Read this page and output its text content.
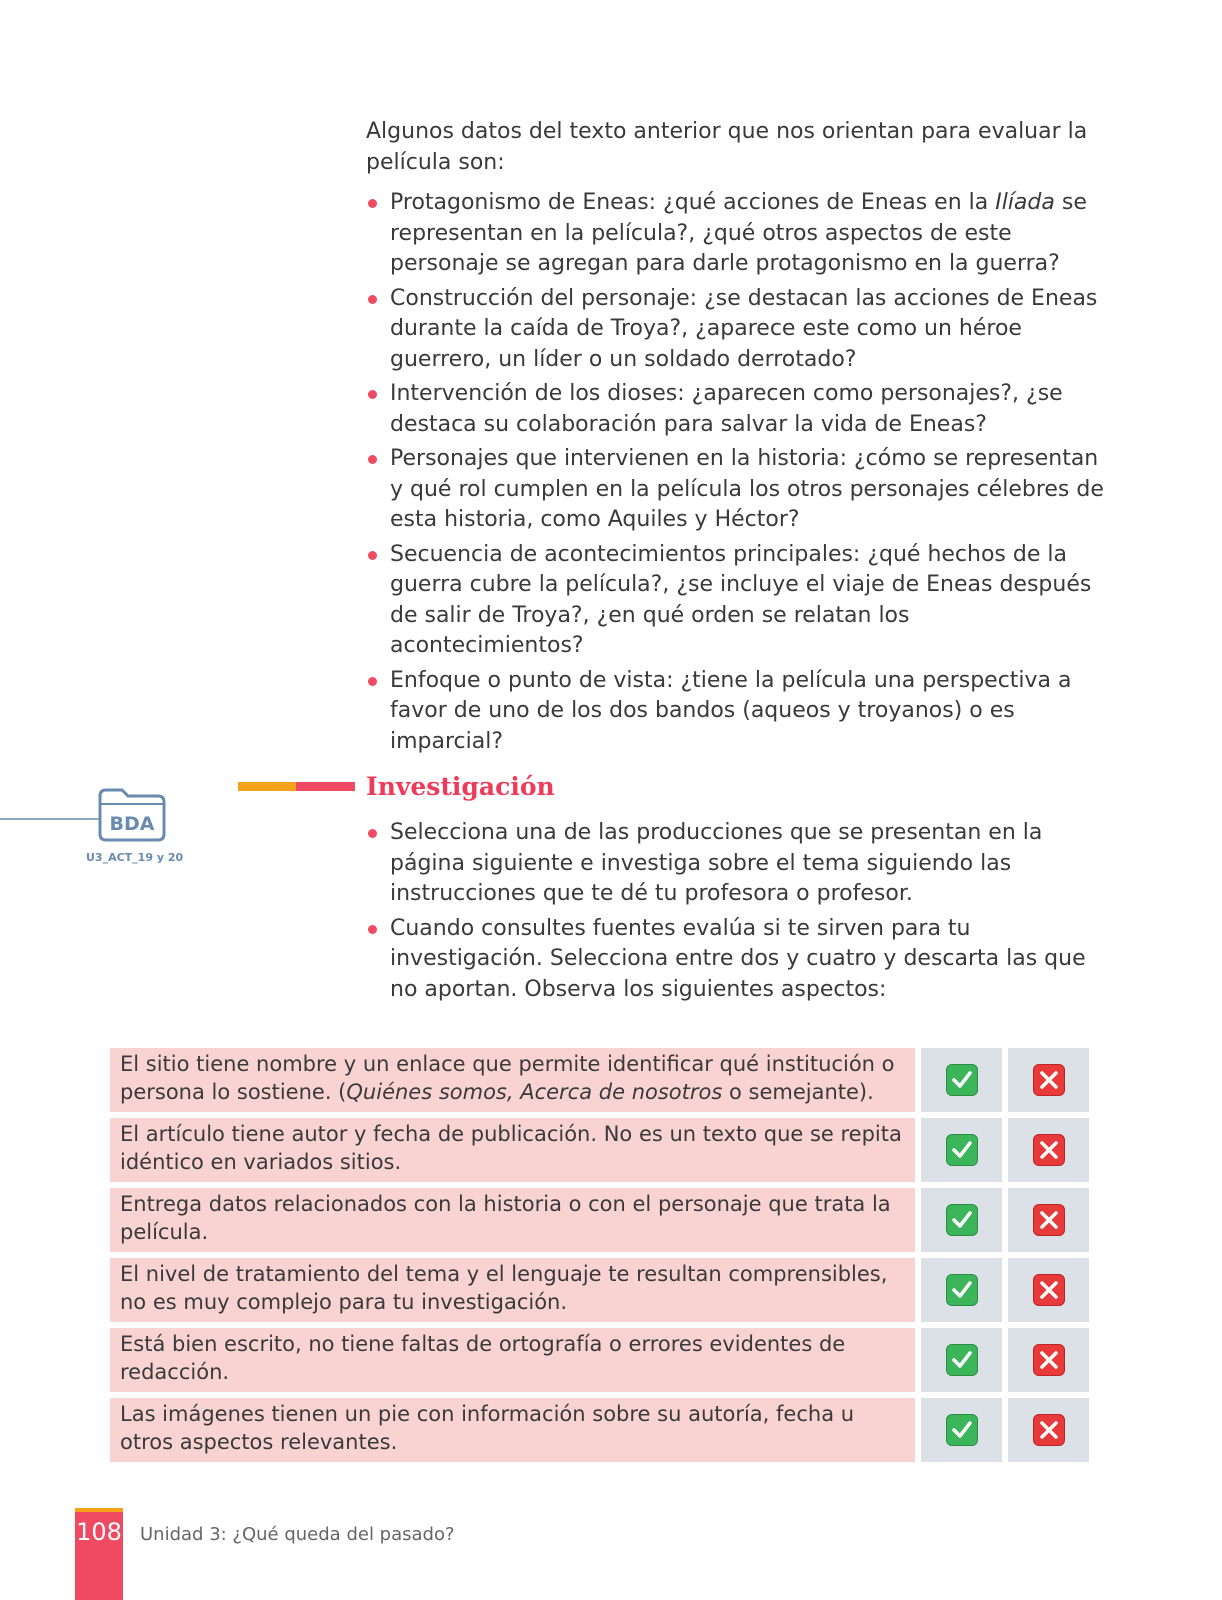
Algunos datos del texto anterior que nos orientan para evaluar la película son:

Protagonismo de Eneas: ¿qué acciones de Eneas en la Ilíada se representan en la película?, ¿qué otros aspectos de este personaje se agregan para darle protagonismo en la guerra?
Construcción del personaje: ¿se destacan las acciones de Eneas durante la caída de Troya?, ¿aparece este como un héroe guerrero, un líder o un soldado derrotado?
Intervención de los dioses: ¿aparecen como personajes?, ¿se destaca su colaboración para salvar la vida de Eneas?
Personajes que intervienen en la historia: ¿cómo se representan y qué rol cumplen en la película los otros personajes célebres de esta historia, como Aquiles y Héctor?
Secuencia de acontecimientos principales: ¿qué hechos de la guerra cubre la película?, ¿se incluye el viaje de Eneas después de salir de Troya?, ¿en qué orden se relatan los acontecimientos?
Enfoque o punto de vista: ¿tiene la película una perspectiva a favor de uno de los dos bandos (aqueos y troyanos) o es imparcial?
Investigación
BDA
U3_ACT_19 y 20
Selecciona una de las producciones que se presentan en la página siguiente e investiga sobre el tema siguiendo las instrucciones que te dé tu profesora o profesor.
Cuando consultes fuentes evalúa si te sirven para tu investigación. Selecciona entre dos y cuatro y descarta las que no aportan. Observa los siguientes aspectos:
El sitio tiene nombre y un enlace que permite identificar qué institución o persona lo sostiene. (Quiénes somos, Acerca de nosotros o semejante).	

El artículo tiene autor y fecha de publicación. No es un texto que se repita idéntico en variados sitios.	

Entrega datos relacionados con la historia o con el personaje que trata la película.	

El nivel de tratamiento del tema y el lenguaje te resultan comprensibles, no es muy complejo para tu investigación.	

Está bien escrito, no tiene faltas de ortografía o errores evidentes de redacción.	

Las imágenes tienen un pie con información sobre su autoría, fecha u otros aspectos relevantes.	

108 Unidad 3: ¿Qué queda del pasado?
